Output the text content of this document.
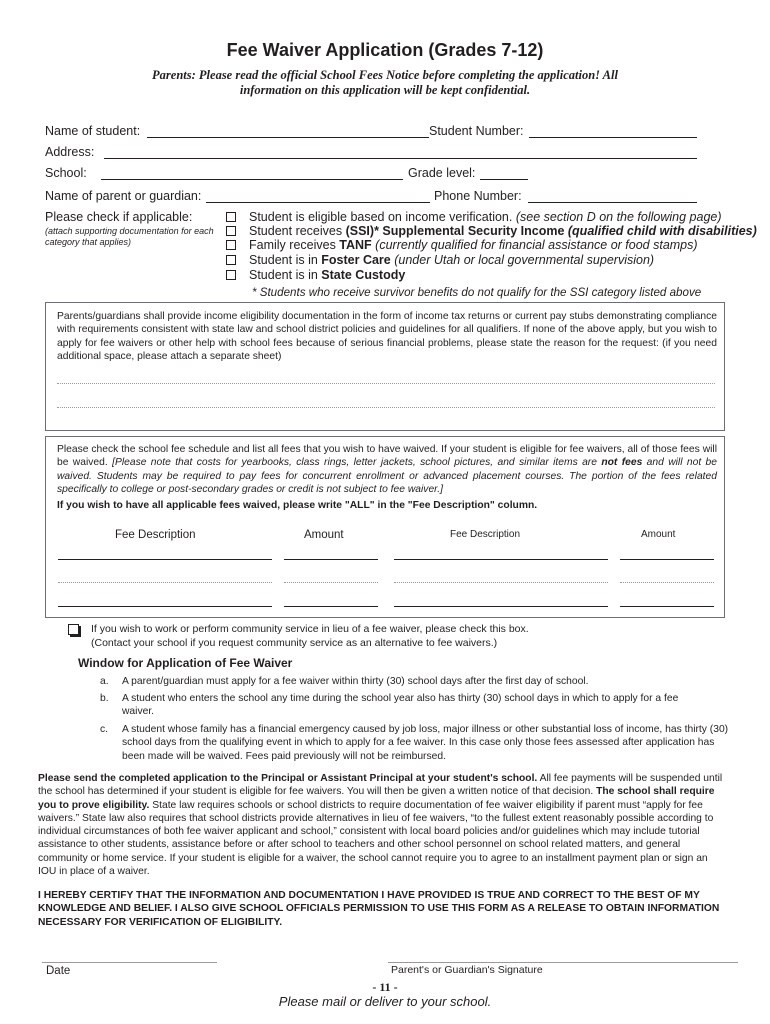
Fee Waiver Application (Grades 7-12)
Parents: Please read the official School Fees Notice before completing the application! All information on this application will be kept confidential.
Name of student:	Student Number:
Address:
School:	Grade level:
Name of parent or guardian:	Phone Number:
Please check if applicable:
(attach supporting documentation for each category that applies)
Student is eligible based on income verification. (see section D on the following page)
Student receives (SSI)* Supplemental Security Income (qualified child with disabilities)
Family receives TANF (currently qualified for financial assistance or food stamps)
Student is in Foster Care (under Utah or local governmental supervision)
Student is in State Custody
* Students who receive survivor benefits do not qualify for the SSI category listed above
Parents/guardians shall provide income eligibility documentation in the form of income tax returns or current pay stubs demonstrating compliance with requirements consistent with state law and school district policies and guidelines for all qualifiers. If none of the above apply, but you wish to apply for fee waivers or other help with school fees because of serious financial problems, please state the reason for the request: (if you need additional space, please attach a separate sheet)
Please check the school fee schedule and list all fees that you wish to have waived. If your student is eligible for fee waivers, all of those fees will be waived. [Please note that costs for yearbooks, class rings, letter jackets, school pictures, and similar items are not fees and will not be waived. Students may be required to pay fees for concurrent enrollment or advanced placement courses. The portion of the fees related specifically to college or post-secondary grades or credit is not subject to fee waiver.]
If you wish to have all applicable fees waived, please write "ALL" in the "Fee Description" column.
Fee Description	Amount	Fee Description	Amount
If you wish to work or perform community service in lieu of a fee waiver, please check this box.
(Contact your school if you request community service as an alternative to fee waivers.)
Window for Application of Fee Waiver
a. A parent/guardian must apply for a fee waiver within thirty (30) school days after the first day of school.
b. A student who enters the school any time during the school year also has thirty (30) school days in which to apply for a fee waiver.
c. A student whose family has a financial emergency caused by job loss, major illness or other substantial loss of income, has thirty (30) school days from the qualifying event in which to apply for a fee waiver. In this case only those fees assessed after application has been made will be waived. Fees paid previously will not be reimbursed.
Please send the completed application to the Principal or Assistant Principal at your student's school. All fee payments will be suspended until the school has determined if your student is eligible for fee waivers. You will then be given a written notice of that decision. The school shall require you to prove eligibility. State law requires schools or school districts to require documentation of fee waiver eligibility if parent must “apply for fee waivers.” State law also requires that school districts provide alternatives in lieu of fee waivers, “to the fullest extent reasonably possible according to individual circumstances of both fee waiver applicant and school,” consistent with local board policies and/or guidelines which may include tutorial assistance to other students, assistance before or after school to teachers and other school personnel on school related matters, and general community or home service. If your student is eligible for a waiver, the school cannot require you to agree to an installment payment plan or sign an IOU in place of a waiver.
I HEREBY CERTIFY THAT THE INFORMATION AND DOCUMENTATION I HAVE PROVIDED IS TRUE AND CORRECT TO THE BEST OF MY KNOWLEDGE AND BELIEF. I ALSO GIVE SCHOOL OFFICIALS PERMISSION TO USE THIS FORM AS A RELEASE TO OBTAIN INFORMATION NECESSARY FOR VERIFICATION OF ELIGIBILITY.
Date	Parent's or Guardian's Signature
- 11 -
Please mail or deliver to your school.
